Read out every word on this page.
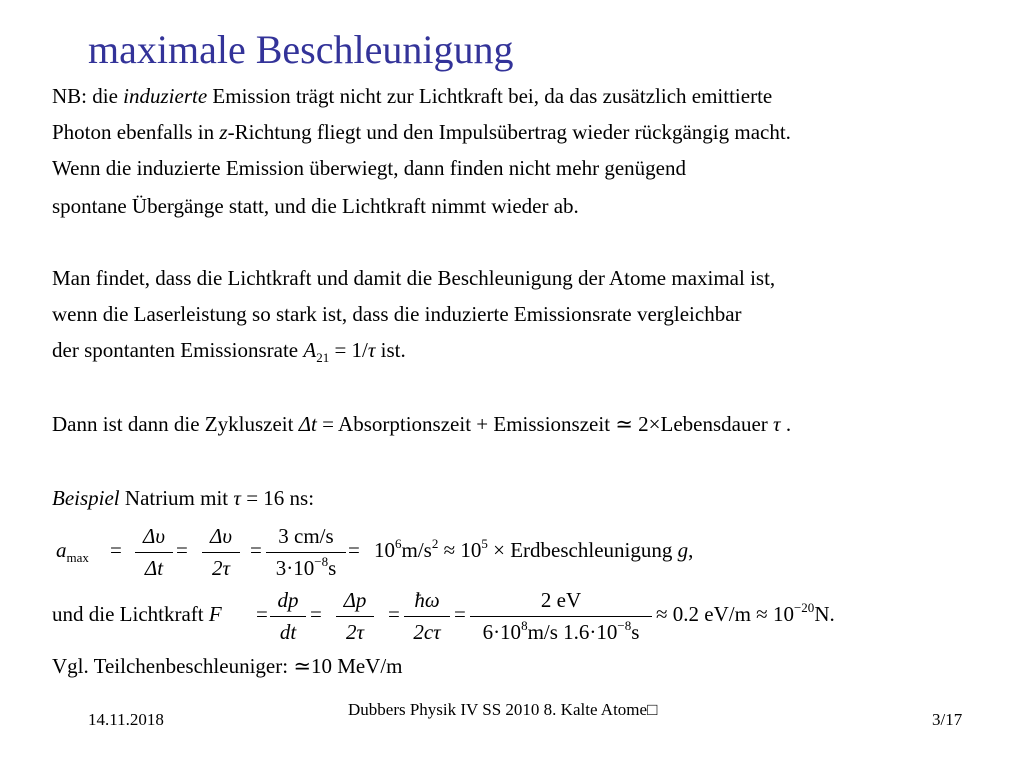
maximale Beschleunigung
NB: die induzierte Emission trägt nicht zur Lichtkraft bei, da das zusätzlich emittierte
Photon ebenfalls in z-Richtung fliegt und den Impulsübertrag wieder rückgängig macht.
Wenn die induzierte Emission überwiegt, dann finden nicht mehr genügend
spontane Übergänge statt, und die Lichtkraft nimmt wieder ab.
Man findet, dass die Lichtkraft und damit die Beschleunigung der Atome maximal ist,
wenn die Laserleistung so stark ist, dass die induzierte Emissionsrate vergleichbar
der spontanten Emissionsrate $A_{21} = 1/\tau$ ist.
Dann ist dann die Zykluszeit Δt = Absorptionszeit + Emissionszeit ≃ 2×Lebensdauer τ .
Beispiel Natrium mit τ = 16 ns:
$a_{max}$ =
Δυ
Δt
=
Δυ
2τ
=
3 cm/s
$3\cdot 10^{-8}s$
= $10^6m/s^2 \approx 10^5$ × Erdbeschleunigung g,
und die Lichtkraft F =
dp
dt
=
Δp
2τ
=
ħω
2cτ
=
2 eV
$6\cdot 10^8m/s$ $1.6\cdot 10^{-8}s$
≈ 0.2 $eV/m \approx 10^{-20}N$.
Vgl. Teilchenbeschleuniger: ≃10 MeV/m
14.11.2018
Dubbers Physik IV SS 2010 8. Kalte Atome□
3/17
